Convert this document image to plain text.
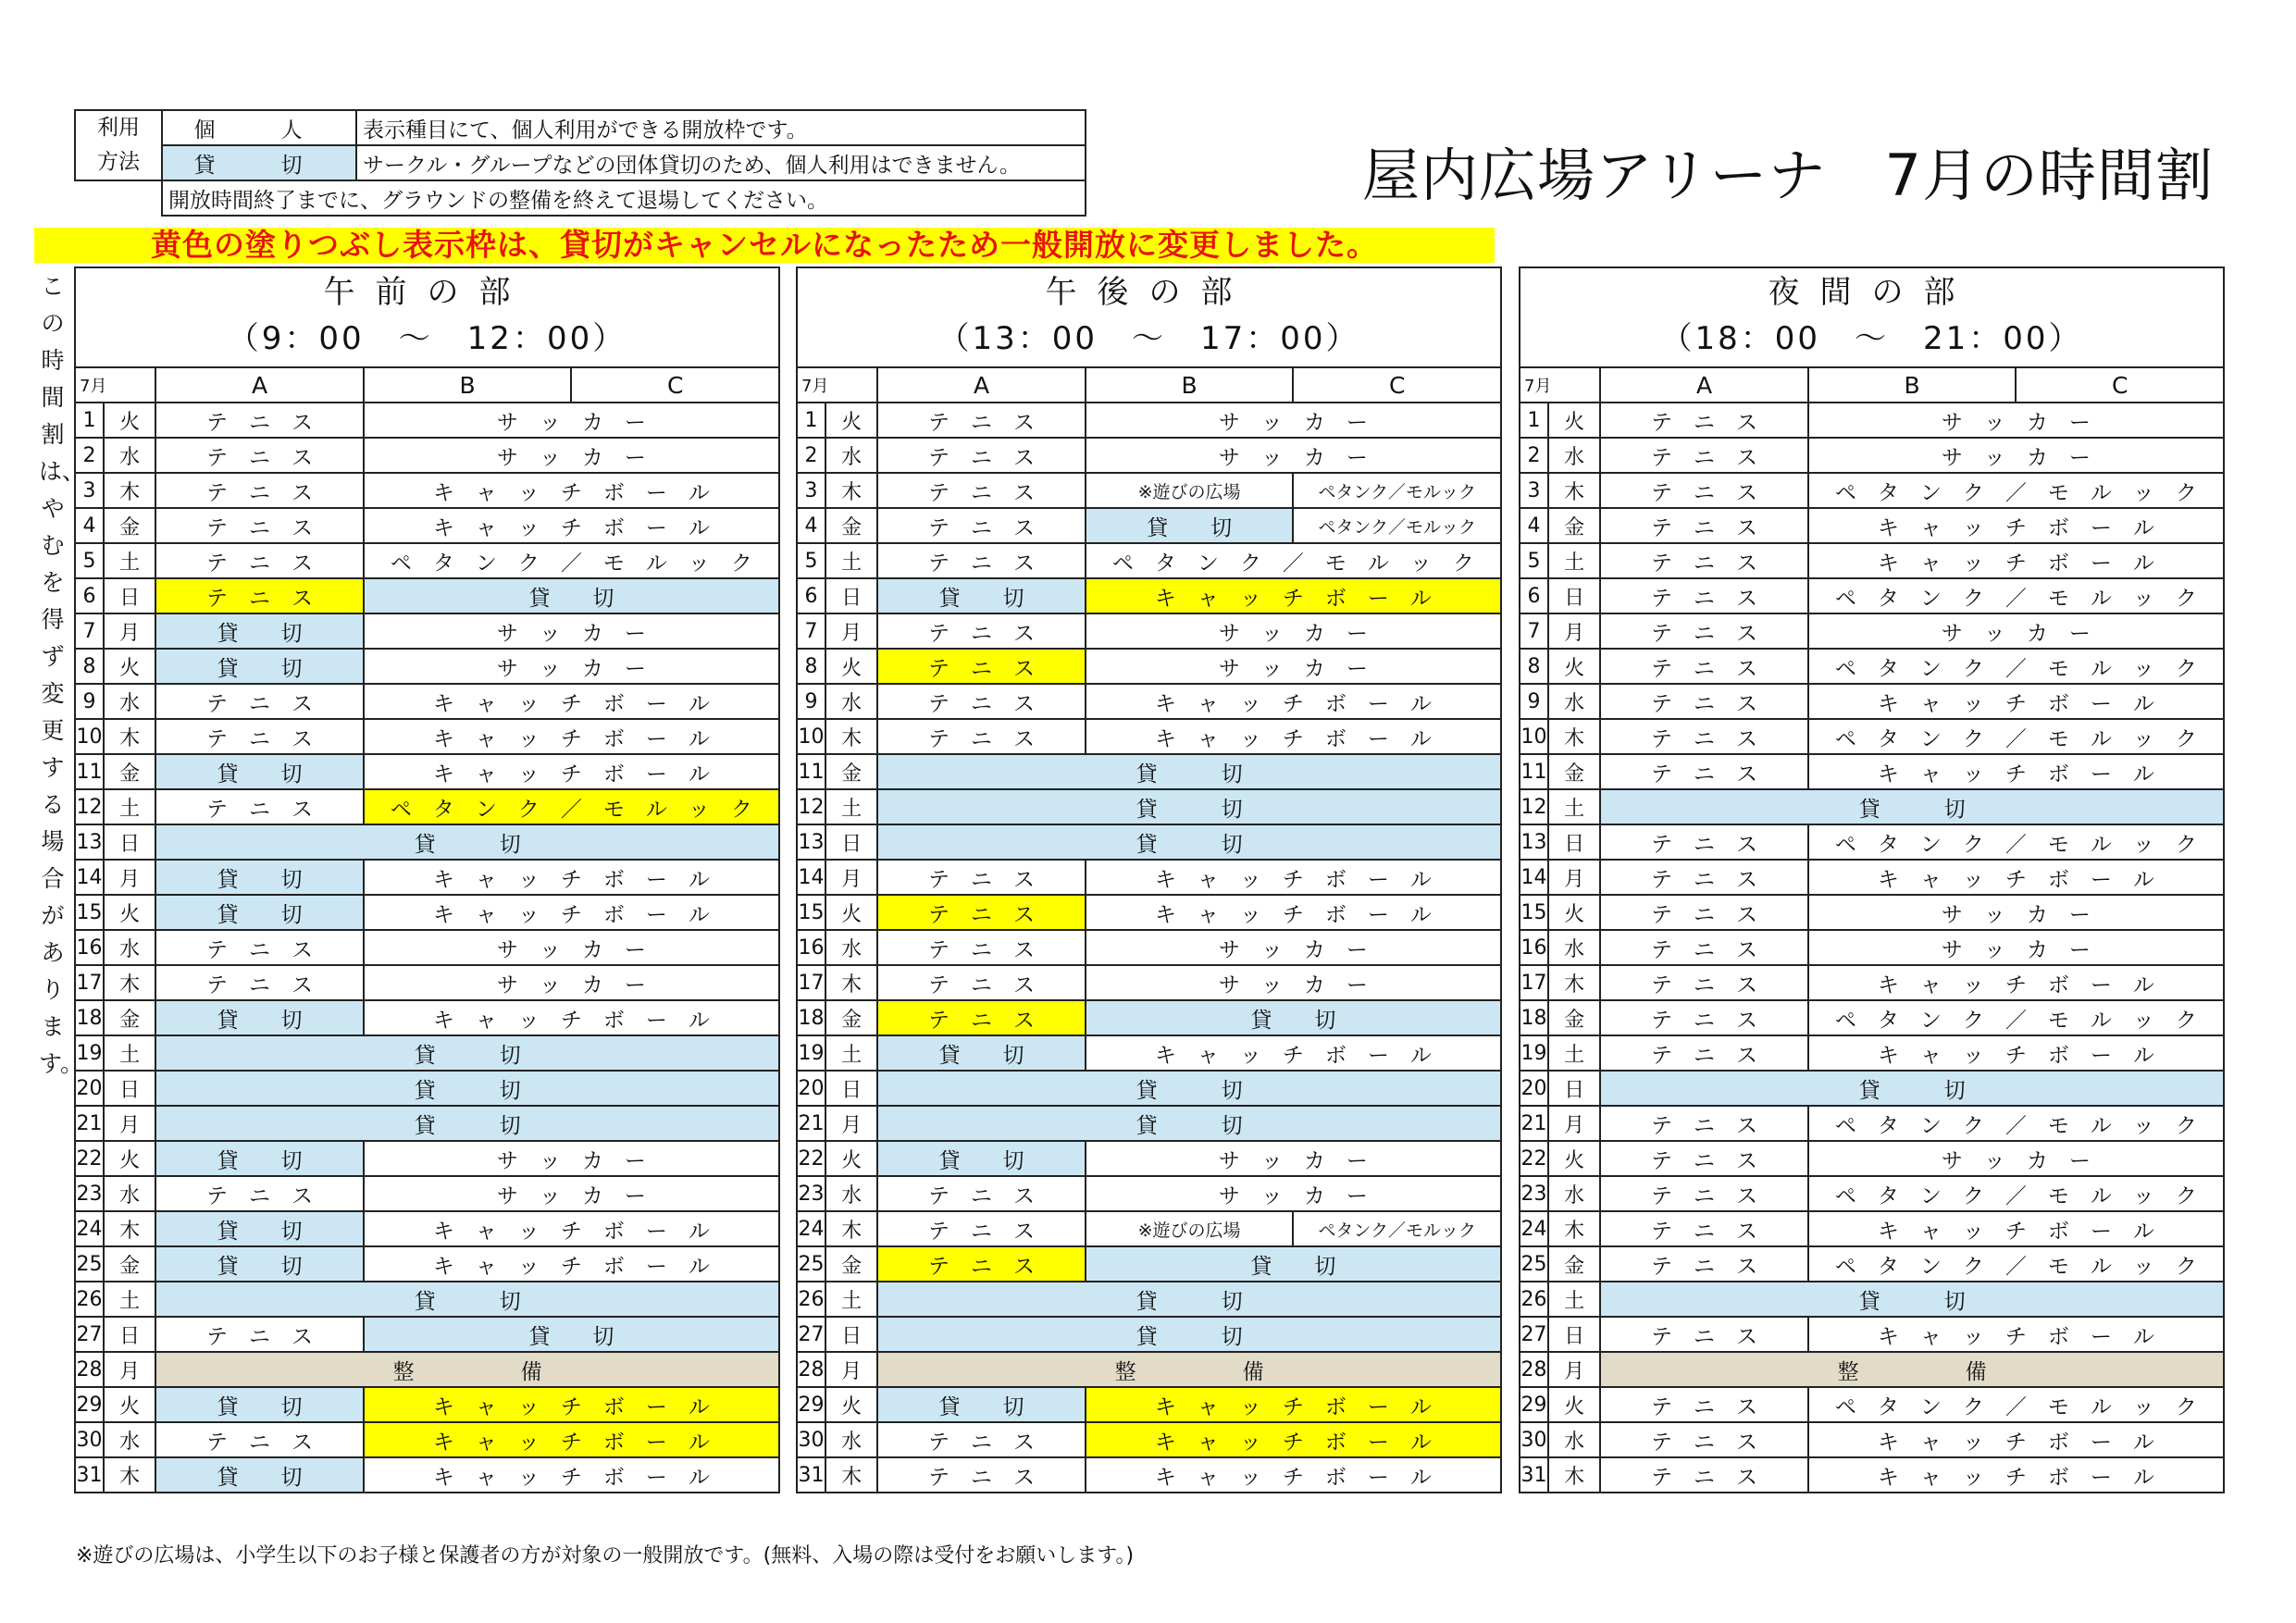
利用
方法	個　人	表示種目にて、個人利用ができる開放枠です。
	貸　切	サークル・グループなどの団体貸切のため、個人利用はできません。
	開放時間終了までに、グラウンドの整備を終えて退場してください。		屋内広場アリーナ　7月の時間割
黄色の塗りつぶし表示枠は、貸切がキャンセルになったため一般開放に変更しました。
この時間割は、やむを得ず変更する場合があります。
午前の部
（9：00　～　12：00）				

7月		A	B	C
1	火	テ　ニ　ス	サ　ッ　カ　ー	
2	水	テ　ニ　ス	サ　ッ　カ　ー	
3	木	テ　ニ　ス	キ　ャ　ッ　チ　ボ　ー　ル	
4	金	テ　ニ　ス	キ　ャ　ッ　チ　ボ　ー　ル	
5	土	テ　ニ　ス	ペ　タ　ン　ク　／　モ　ル　ッ　ク	
6	日	テ　ニ　ス	貸　　切	
7	月	貸　　切	サ　ッ　カ　ー	
8	火	貸　　切	サ　ッ　カ　ー	
9	水	テ　ニ　ス	キ　ャ　ッ　チ　ボ　ー　ル	
10	木	テ　ニ　ス	キ　ャ　ッ　チ　ボ　ー　ル	
11	金	貸　　切	キ　ャ　ッ　チ　ボ　ー　ル	
12	土	テ　ニ　ス	ペ　タ　ン　ク　／　モ　ル　ッ　ク	
13	日	貸　　　切		
14	月	貸　　切	キ　ャ　ッ　チ　ボ　ー　ル	
15	火	貸　　切	キ　ャ　ッ　チ　ボ　ー　ル	
16	水	テ　ニ　ス	サ　ッ　カ　ー	
17	木	テ　ニ　ス	サ　ッ　カ　ー	
18	金	貸　　切	キ　ャ　ッ　チ　ボ　ー　ル	
19	土	貸　　　切		
20	日	貸　　　切		
21	月	貸　　　切		
22	火	貸　　切	サ　ッ　カ　ー	
23	水	テ　ニ　ス	サ　ッ　カ　ー	
24	木	貸　　切	キ　ャ　ッ　チ　ボ　ー　ル	
25	金	貸　　切	キ　ャ　ッ　チ　ボ　ー　ル	
26	土	貸　　　切		
27	日	テ　ニ　ス	貸　　切	
28	月	整　　　　　備		
29	火	貸　　切	キ　ャ　ッ　チ　ボ　ー　ル	
30	水	テ　ニ　ス	キ　ャ　ッ　チ　ボ　ー　ル	
31	木	貸　　切	キ　ャ　ッ　チ　ボ　ー　ル	
午後の部
（13：00　～　17：00）				

7月		A	B	C
1	火	テ　ニ　ス	サ　ッ　カ　ー	
2	水	テ　ニ　ス	サ　ッ　カ　ー	
3	木	テ　ニ　ス	※遊びの広場	ペタンク／モルック
4	金	テ　ニ　ス	貸　　切	ペタンク／モルック
5	土	テ　ニ　ス	ペ　タ　ン　ク　／　モ　ル　ッ　ク	
6	日	貸　　切	キ　ャ　ッ　チ　ボ　ー　ル	
7	月	テ　ニ　ス	サ　ッ　カ　ー	
8	火	テ　ニ　ス	サ　ッ　カ　ー	
9	水	テ　ニ　ス	キ　ャ　ッ　チ　ボ　ー　ル	
10	木	テ　ニ　ス	キ　ャ　ッ　チ　ボ　ー　ル	
11	金	貸　　　切		
12	土	貸　　　切		
13	日	貸　　　切		
14	月	テ　ニ　ス	キ　ャ　ッ　チ　ボ　ー　ル	
15	火	テ　ニ　ス	キ　ャ　ッ　チ　ボ　ー　ル	
16	水	テ　ニ　ス	サ　ッ　カ　ー	
17	木	テ　ニ　ス	サ　ッ　カ　ー	
18	金	テ　ニ　ス	貸　　切	
19	土	貸　　切	キ　ャ　ッ　チ　ボ　ー　ル	
20	日	貸　　　切		
21	月	貸　　　切		
22	火	貸　　切	サ　ッ　カ　ー	
23	水	テ　ニ　ス	サ　ッ　カ　ー	
24	木	テ　ニ　ス	※遊びの広場	ペタンク／モルック
25	金	テ　ニ　ス	貸　　切	
26	土	貸　　　切		
27	日	貸　　　切		
28	月	整　　　　　備		
29	火	貸　　切	キ　ャ　ッ　チ　ボ　ー　ル	
30	水	テ　ニ　ス	キ　ャ　ッ　チ　ボ　ー　ル	
31	木	テ　ニ　ス	キ　ャ　ッ　チ　ボ　ー　ル	
夜間の部
（18：00　～　21：00）				

7月		A	B	C
1	火	テ　ニ　ス	サ　ッ　カ　ー	
2	水	テ　ニ　ス	サ　ッ　カ　ー	
3	木	テ　ニ　ス	ペ　タ　ン　ク　／　モ　ル　ッ　ク	
4	金	テ　ニ　ス	キ　ャ　ッ　チ　ボ　ー　ル	
5	土	テ　ニ　ス	キ　ャ　ッ　チ　ボ　ー　ル	
6	日	テ　ニ　ス	ペ　タ　ン　ク　／　モ　ル　ッ　ク	
7	月	テ　ニ　ス	サ　ッ　カ　ー	
8	火	テ　ニ　ス	ペ　タ　ン　ク　／　モ　ル　ッ　ク	
9	水	テ　ニ　ス	キ　ャ　ッ　チ　ボ　ー　ル	
10	木	テ　ニ　ス	ペ　タ　ン　ク　／　モ　ル　ッ　ク	
11	金	テ　ニ　ス	キ　ャ　ッ　チ　ボ　ー　ル	
12	土	貸　　　切		
13	日	テ　ニ　ス	ペ　タ　ン　ク　／　モ　ル　ッ　ク	
14	月	テ　ニ　ス	キ　ャ　ッ　チ　ボ　ー　ル	
15	火	テ　ニ　ス	サ　ッ　カ　ー	
16	水	テ　ニ　ス	サ　ッ　カ　ー	
17	木	テ　ニ　ス	キ　ャ　ッ　チ　ボ　ー　ル	
18	金	テ　ニ　ス	ペ　タ　ン　ク　／　モ　ル　ッ　ク	
19	土	テ　ニ　ス	キ　ャ　ッ　チ　ボ　ー　ル	
20	日	貸　　　切		
21	月	テ　ニ　ス	ペ　タ　ン　ク　／　モ　ル　ッ　ク	
22	火	テ　ニ　ス	サ　ッ　カ　ー	
23	水	テ　ニ　ス	ペ　タ　ン　ク　／　モ　ル　ッ　ク	
24	木	テ　ニ　ス	キ　ャ　ッ　チ　ボ　ー　ル	
25	金	テ　ニ　ス	ペ　タ　ン　ク　／　モ　ル　ッ　ク	
26	土	貸　　　切		
27	日	テ　ニ　ス	キ　ャ　ッ　チ　ボ　ー　ル	
28	月	整　　　　　備		
29	火	テ　ニ　ス	ペ　タ　ン　ク　／　モ　ル　ッ　ク	
30	水	テ　ニ　ス	キ　ャ　ッ　チ　ボ　ー　ル	
31	木	テ　ニ　ス	キ　ャ　ッ　チ　ボ　ー　ル	
※遊びの広場は、小学生以下のお子様と保護者の方が対象の一般開放です。(無料、入場の際は受付をお願いします。)
